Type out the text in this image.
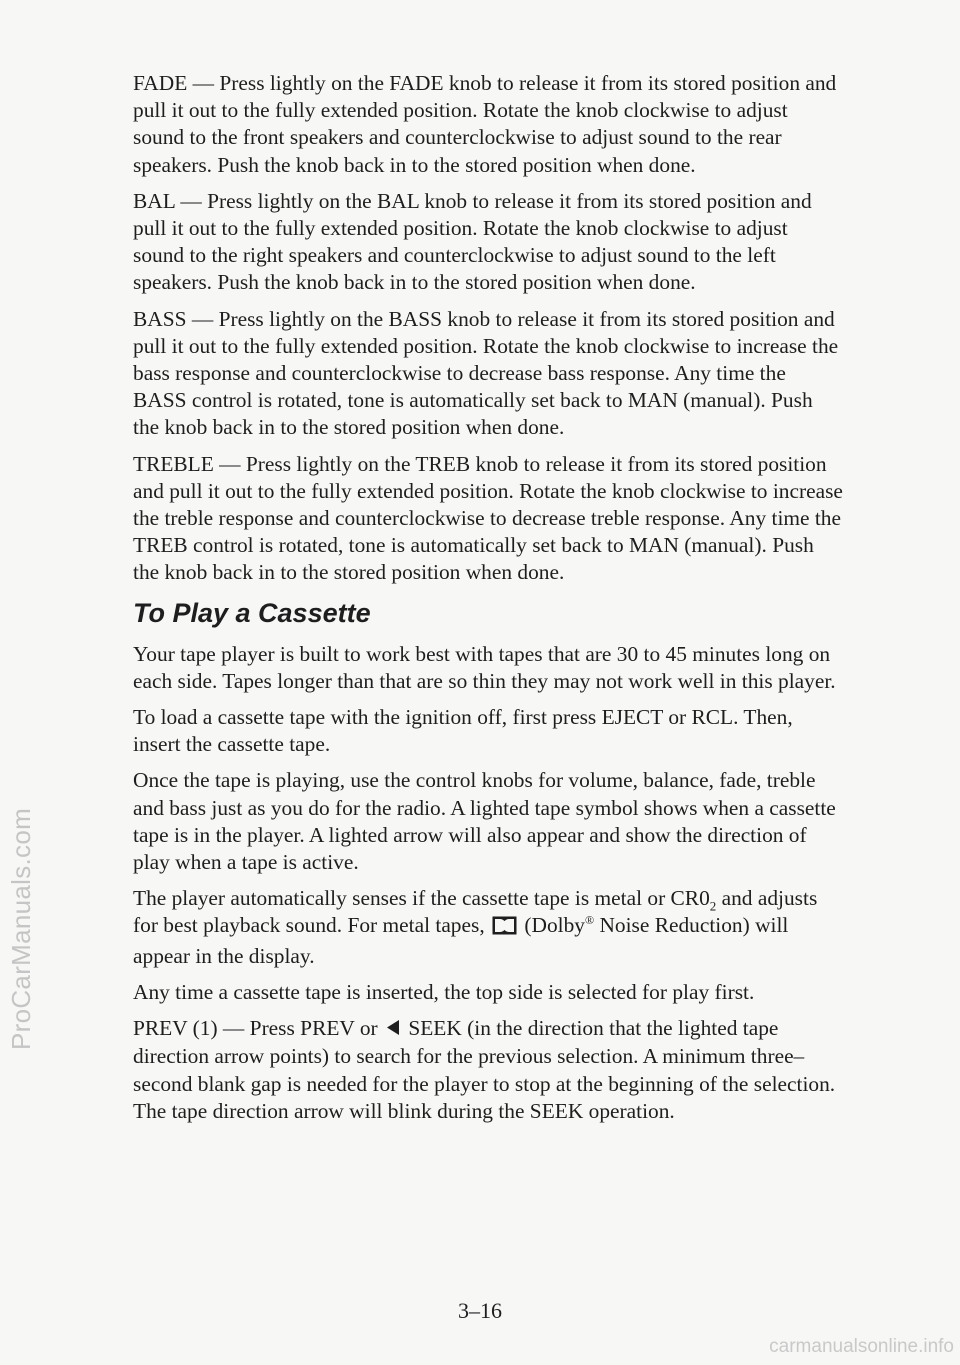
FADE — Press lightly on the FADE knob to release it from its stored position and pull it out to the fully extended position. Rotate the knob clockwise to adjust sound to the front speakers and counterclockwise to adjust sound to the rear speakers. Push the knob back in to the stored position when done.

BAL — Press lightly on the BAL knob to release it from its stored position and pull it out to the fully extended position. Rotate the knob clockwise to adjust sound to the right speakers and counterclockwise to adjust sound to the left speakers. Push the knob back in to the stored position when done.

BASS — Press lightly on the BASS knob to release it from its stored position and pull it out to the fully extended position. Rotate the knob clockwise to increase the bass response and counterclockwise to decrease bass response. Any time the BASS control is rotated, tone is automatically set back to MAN (manual). Push the knob back in to the stored position when done.

TREBLE — Press lightly on the TREB knob to release it from its stored position and pull it out to the fully extended position. Rotate the knob clockwise to increase the treble response and counterclockwise to decrease treble response. Any time the TREB control is rotated, tone is automatically set back to MAN (manual). Push the knob back in to the stored position when done.

To Play a Cassette

Your tape player is built to work best with tapes that are 30 to 45 minutes long on each side. Tapes longer than that are so thin they may not work well in this player.

To load a cassette tape with the ignition off, first press EJECT or RCL. Then, insert the cassette tape.

Once the tape is playing, use the control knobs for volume, balance, fade, treble and bass just as you do for the radio. A lighted tape symbol shows when a cassette tape is in the player. A lighted arrow will also appear and show the direction of play when a tape is active.

The player automatically senses if the cassette tape is metal or $CR0_2$ and adjusts for best playback sound. For metal tapes,  (Dolby® Noise Reduction) will appear in the display.

Any time a cassette tape is inserted, the top side is selected for play first.

PREV (1) — Press PREV or  SEEK (in the direction that the lighted tape direction arrow points) to search for the previous selection. A minimum three–second blank gap is needed for the player to stop at the beginning of the selection. The tape direction arrow will blink during the SEEK operation.

3–16
ProCarManuals.com
carmanualsonline.info
